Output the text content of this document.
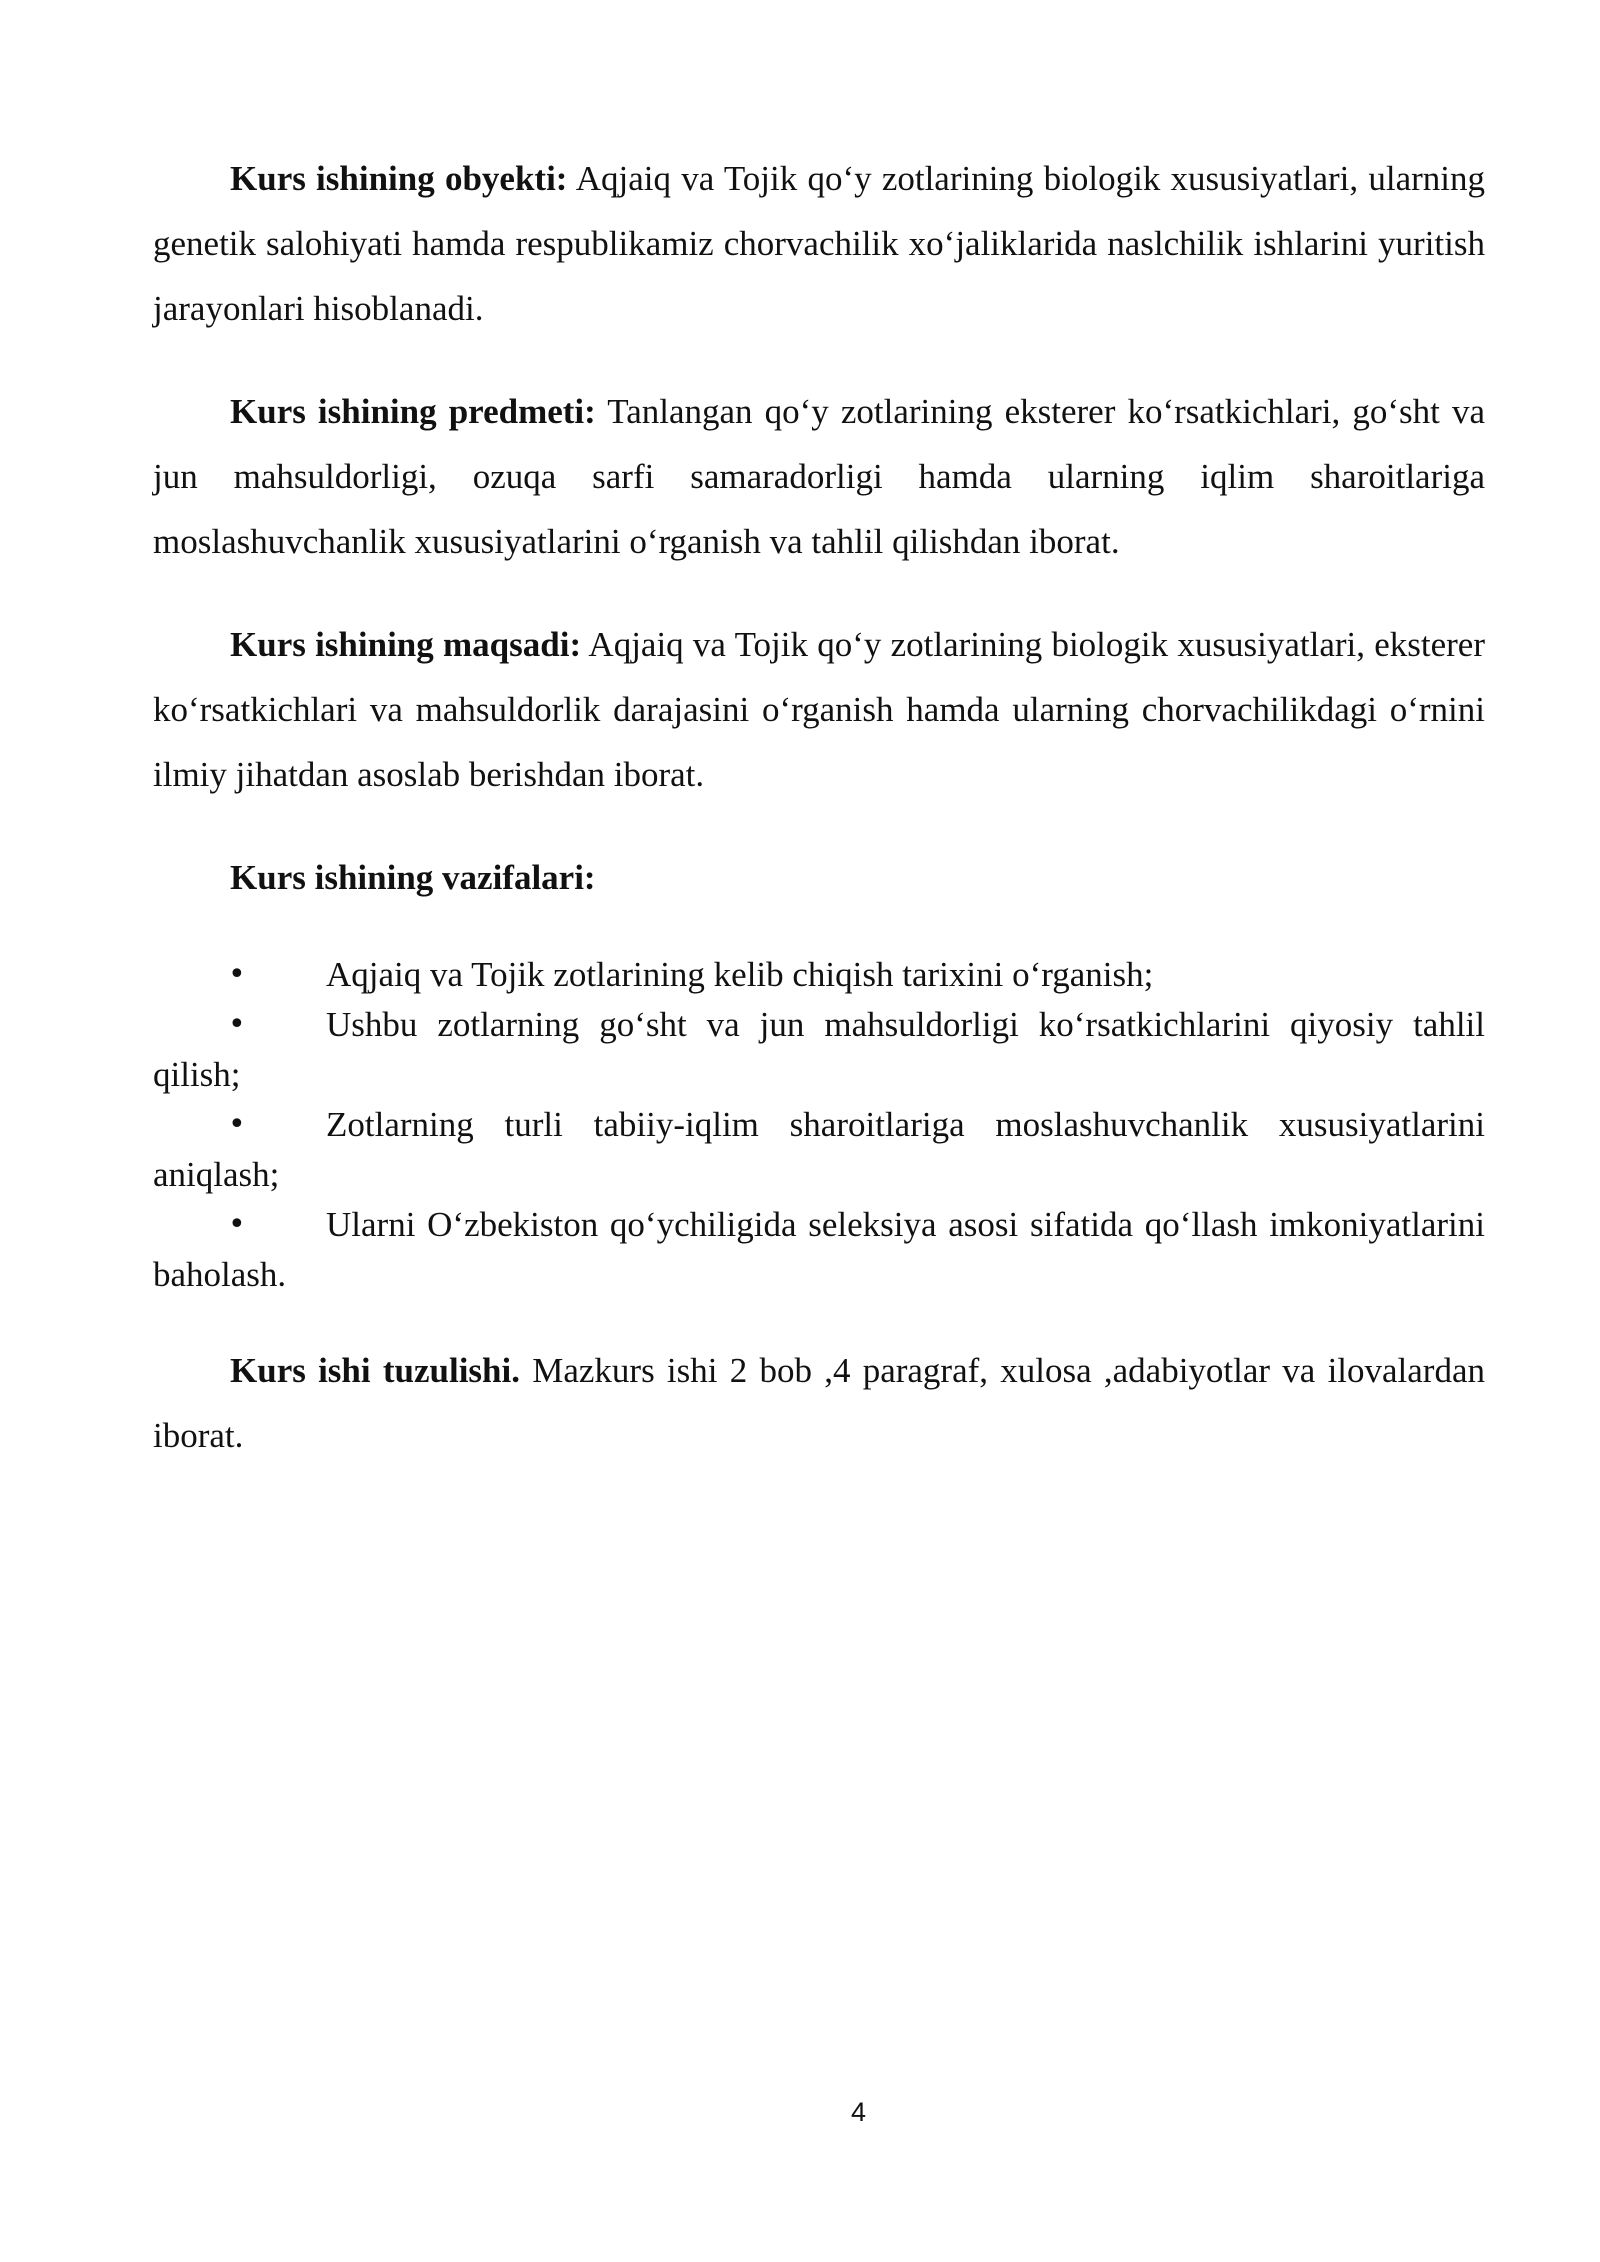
Kurs ishining obyekti: Aqjaiq va Tojik qo‘y zotlarining biologik xususiyatlari, ularning genetik salohiyati hamda respublikamiz chorvachilik xo‘jaliklarida naslchilik ishlarini yuritish jarayonlari hisoblanadi.

Kurs ishining predmeti: Tanlangan qo‘y zotlarining eksterer ko‘rsatkichlari, go‘sht va jun mahsuldorligi, ozuqa sarfi samaradorligi hamda ularning iqlim sharoitlariga moslashuvchanlik xususiyatlarini o‘rganish va tahlil qilishdan iborat.

Kurs ishining maqsadi: Aqjaiq va Tojik qo‘y zotlarining biologik xususiyatlari, eksterer ko‘rsatkichlari va mahsuldorlik darajasini o‘rganish hamda ularning chorvachilikdagi o‘rnini ilmiy jihatdan asoslab berishdan iborat.

Kurs ishining vazifalari:

• Aqjaiq va Tojik zotlarining kelib chiqish tarixini o‘rganish;
• Ushbu zotlarning go‘sht va jun mahsuldorligi ko‘rsatkichlarini qiyosiy tahlil qilish;
• Zotlarning turli tabiiy-iqlim sharoitlariga moslashuvchanlik xususiyatlarini aniqlash;
• Ularni O‘zbekiston qo‘ychiligida seleksiya asosi sifatida qo‘llash imkoniyatlarini baholash.

Kurs ishi tuzulishi. Mazkurs ishi 2 bob ,4 paragraf, xulosa ,adabiyotlar va ilovalardan iborat.

4
